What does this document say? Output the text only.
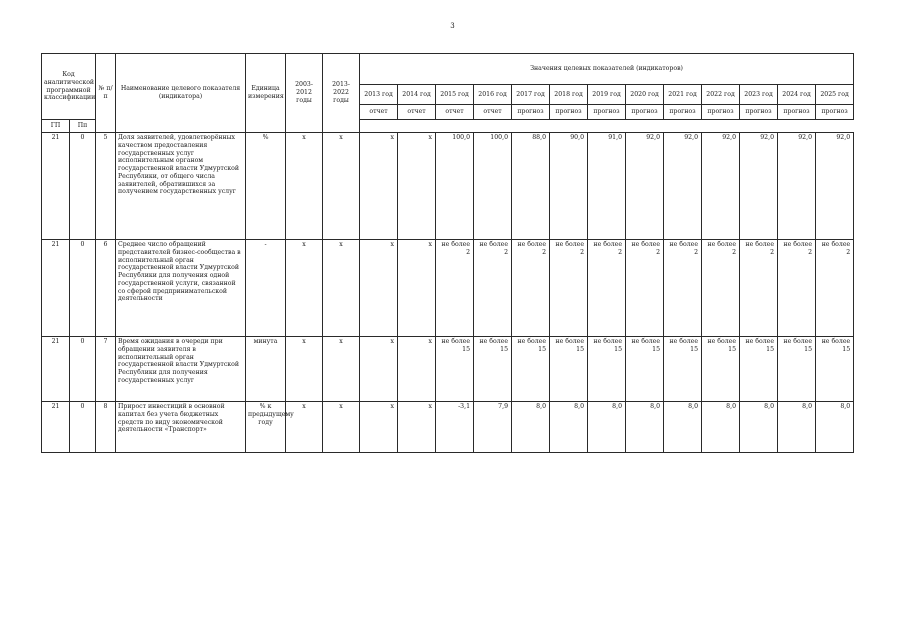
3
Код аналитической программной классификации		№ п/п	Наименование целевого показателя (индикатора)	Единица измерения	2003-2012 годы	2013-2022 годы	Значения целевых показателей (индикаторов)												
							2013 год	2014 год	2015 год	2016 год	2017 год	2018 год	2019 год	2020 год	2021 год	2022 год	2023 год	2024 год	2025 год
							отчет	отчет	отчет	отчет	прогноз	прогноз	прогноз	прогноз	прогноз	прогноз	прогноз	прогноз	прогноз
ГП	Пп																		
21	0	5	Доля заявителей, удовлетворённых качеством предоставления государственных услуг исполнительным органом государственной власти Удмуртской Республики, от общего числа заявителей, обратившихся за получением государственных услуг	%	х	х	х	х	100,0	100,0	88,0	90,0	91,0	92,0	92,0	92,0	92,0	92,0	92,0
21	0	6	Среднее число обращений представителей бизнес-сообщества в исполнительный орган государственной власти Удмуртской Республики для получения одной государственной услуги, связанной со сферой предпринимательской деятельности	-	х	х	х	х	не более 2	не более 2	не более 2	не более 2	не более 2	не более 2	не более 2	не более 2	не более 2	не более 2	не более 2
21	0	7	Время ожидания в очереди при обращении заявителя в исполнительный орган государственной власти Удмуртской Республики для получения государственных услуг	минута	х	х	х	х	не более 15	не более 15	не более 15	не более 15	не более 15	не более 15	не более 15	не более 15	не более 15	не более 15	не более 15
21	0	8	Прирост инвестиций в основной капитал без учета бюджетных средств по виду экономической деятельности «Транспорт»	% к предыдущему году	х	х	х	х	-3,1	7,9	8,0	8,0	8,0	8,0	8,0	8,0	8,0	8,0	8,0
